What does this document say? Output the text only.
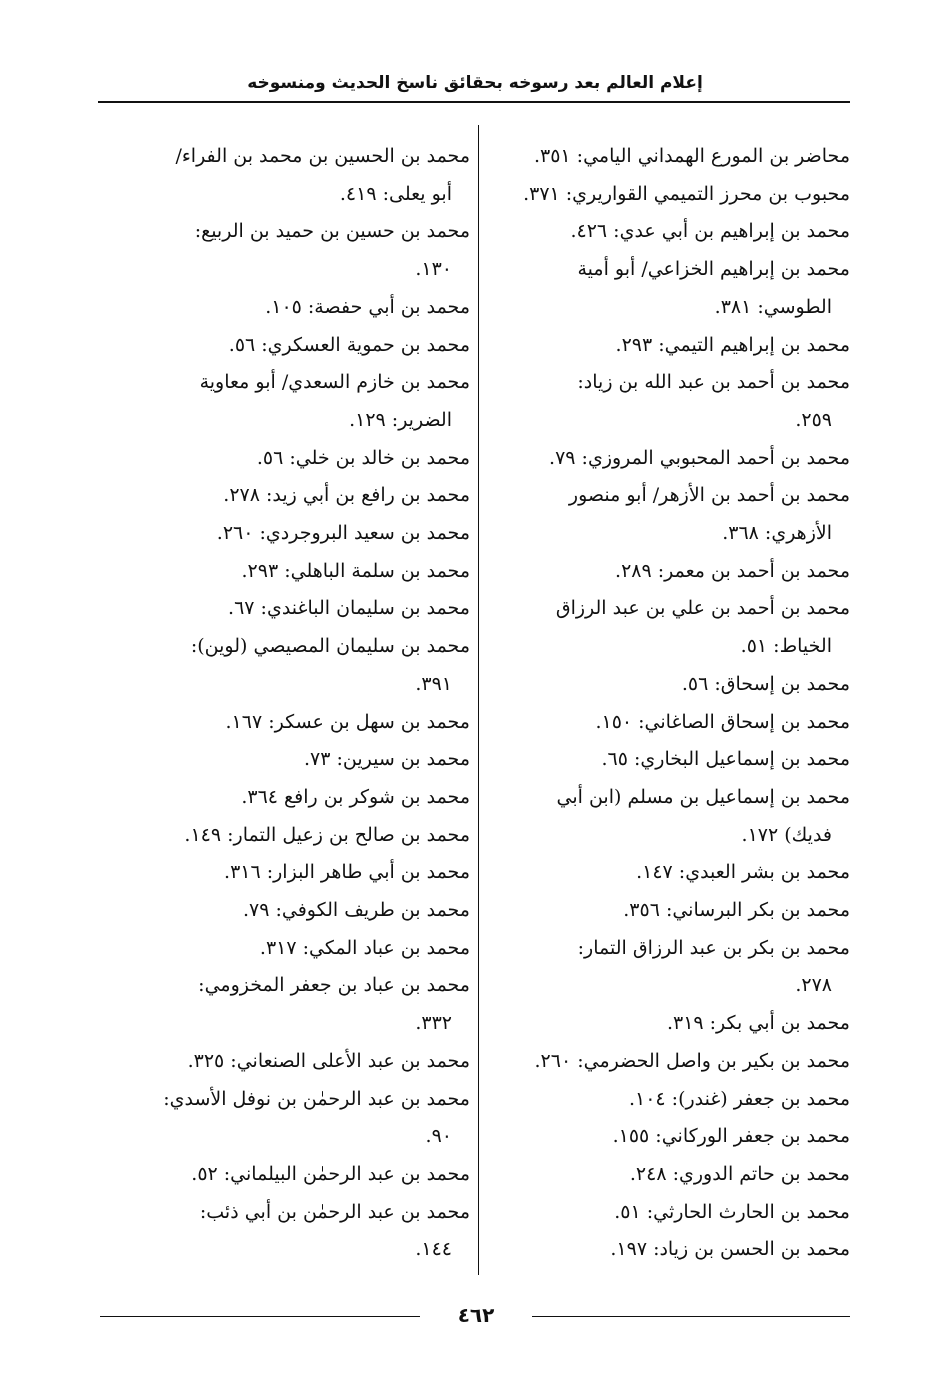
إعلام العالم بعد رسوخه بحقائق ناسخ الحديث ومنسوخه
محاضر بن المورع الهمداني اليامي: ٣٥١.
محبوب بن محرز التميمي القواريري: ٣٧١.
محمد بن إبراهيم بن أبي عدي: ٤٢٦.
محمد بن إبراهيم الخزاعي/ أبو أمية
الطوسي: ٣٨١.
محمد بن إبراهيم التيمي: ٢٩٣.
محمد بن أحمد بن عبد الله بن زياد:
٢٥٩.
محمد بن أحمد المحبوبي المروزي: ٧٩.
محمد بن أحمد بن الأزهر/ أبو منصور
الأزهري: ٣٦٨.
محمد بن أحمد بن معمر: ٢٨٩.
محمد بن أحمد بن علي بن عبد الرزاق
الخياط: ٥١.
محمد بن إسحاق: ٥٦.
محمد بن إسحاق الصاغاني: ١٥٠.
محمد بن إسماعيل البخاري: ٦٥.
محمد بن إسماعيل بن مسلم (ابن أبي
فديك) ١٧٢.
محمد بن بشر العبدي: ١٤٧.
محمد بن بكر البرساني: ٣٥٦.
محمد بن بكر بن عبد الرزاق التمار:
٢٧٨.
محمد بن أبي بكر: ٣١٩.
محمد بن بكير بن واصل الحضرمي: ٢٦٠.
محمد بن جعفر (غندر): ١٠٤.
محمد بن جعفر الوركاني: ١٥٥.
محمد بن حاتم الدوري: ٢٤٨.
محمد بن الحارث الحارثي: ٥١.
محمد بن الحسن بن زياد: ١٩٧.
محمد بن الحسين بن محمد بن الفراء/
أبو يعلى: ٤١٩.
محمد بن حسين بن حميد بن الربيع:
١٣٠.
محمد بن أبي حفصة: ١٠٥.
محمد بن حموية العسكري: ٥٦.
محمد بن خازم السعدي/ أبو معاوية
الضرير: ١٢٩.
محمد بن خالد بن خلي: ٥٦.
محمد بن رافع بن أبي زيد: ٢٧٨.
محمد بن سعيد البروجردي: ٢٦٠.
محمد بن سلمة الباهلي: ٢٩٣.
محمد بن سليمان الباغندي: ٦٧.
محمد بن سليمان المصيصي (لوين):
٣٩١.
محمد بن سهل بن عسكر: ١٦٧.
محمد بن سيرين: ٧٣.
محمد بن شوكر بن رافع ٣٦٤.
محمد بن صالح بن زعيل التمار: ١٤٩.
محمد بن أبي طاهر البزار: ٣١٦.
محمد بن طريف الكوفي: ٧٩.
محمد بن عباد المكي: ٣١٧.
محمد بن عباد بن جعفر المخزومي:
٣٣٢.
محمد بن عبد الأعلى الصنعاني: ٣٢٥.
محمد بن عبد الرحمٰن بن نوفل الأسدي:
٩٠.
محمد بن عبد الرحمٰن البيلماني: ٥٢.
محمد بن عبد الرحمٰن بن أبي ذئب:
١٤٤.
٤٦٢
